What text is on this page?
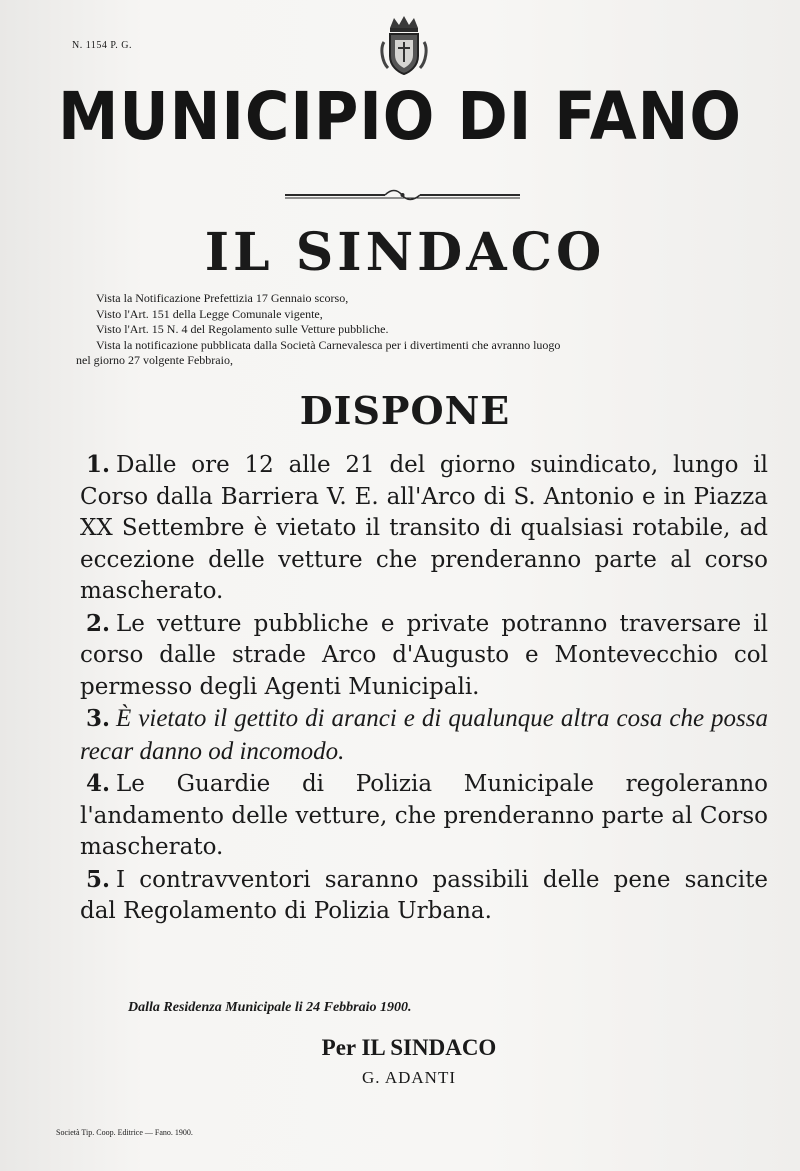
N. 1154 P. G.
MUNICIPIO DI FANO
IL SINDACO
Vista la Notificazione Prefettizia 17 Gennaio scorso,
Visto l'Art. 151 della Legge Comunale vigente,
Visto l'Art. 15 N. 4 del Regolamento sulle Vetture pubbliche.
Vista la notificazione pubblicata dalla Società Carnevalesca per i divertimenti che avranno luogo
nel giorno 27 volgente Febbraio,
DISPONE

1. Dalle ore 12 alle 21 del giorno suindicato, lungo il Corso dalla Barriera V. E. all'Arco di S. Antonio e in Piazza XX Settembre è vietato il transito di qualsiasi rotabile, ad eccezione delle vetture che prenderanno parte al corso mascherato.

2. Le vetture pubbliche e private potranno traversare il corso dalle strade Arco d'Augusto e Montevecchio col permesso degli Agenti Municipali.

3. È vietato il gettito di aranci e di qualunque altra cosa che possa recar danno od incomodo.

4. Le Guardie di Polizia Municipale regoleranno l'andamento delle vetture, che prenderanno parte al Corso mascherato.

5. I contravventori saranno passibili delle pene sancite dal Regolamento di Polizia Urbana.

Dalla Residenza Municipale li 24 Febbraio 1900.
Per IL SINDACO
G. ADANTI
Società Tip. Coop. Editrice — Fano. 1900.
